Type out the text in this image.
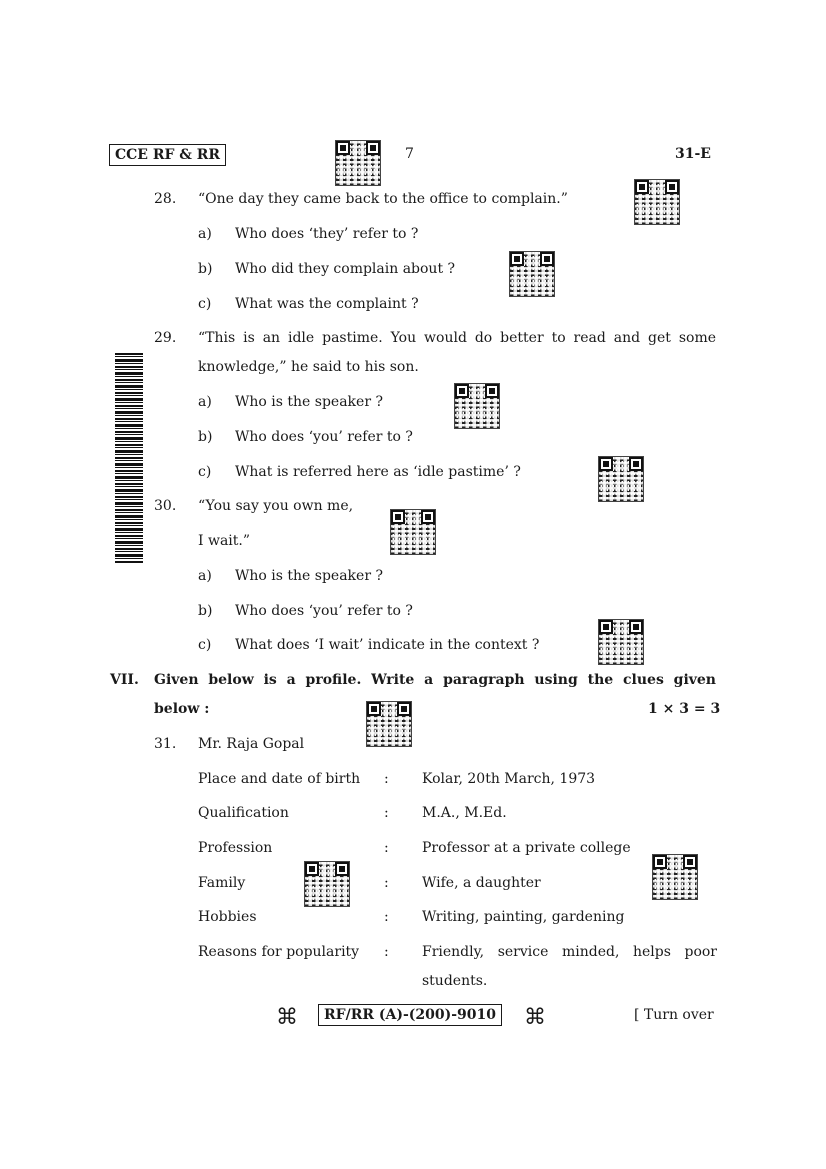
CCE RF & RR	7	31-E
28. “One day they came back to the office to complain.”
a) Who does ‘they’ refer to ?
b) Who did they complain about ?
c) What was the complaint ?
29. “This is an idle pastime. You would do better to read and get some
knowledge,” he said to his son.
a) Who is the speaker ?
b) Who does ‘you’ refer to ?
c) What is referred here as ‘idle pastime’ ?
30. “You say you own me,
I wait.”
a) Who is the speaker ?
b) Who does ‘you’ refer to ?
c) What does ‘I wait’ indicate in the context ?
VII. Given below is a profile. Write a paragraph using the clues given
below :	1 × 3 = 3
31. Mr. Raja Gopal
Place and date of birth : Kolar, 20th March, 1973
Qualification	: M.A., M.Ed.
Profession	: Professor at a private college
Family	: Wife, a daughter
Hobbies	: Writing, painting, gardening
Reasons for popularity : Friendly, service minded, helps poor
students.
⌘	RF/RR (A)-(200)-9010 ⌘	[ Turn over
